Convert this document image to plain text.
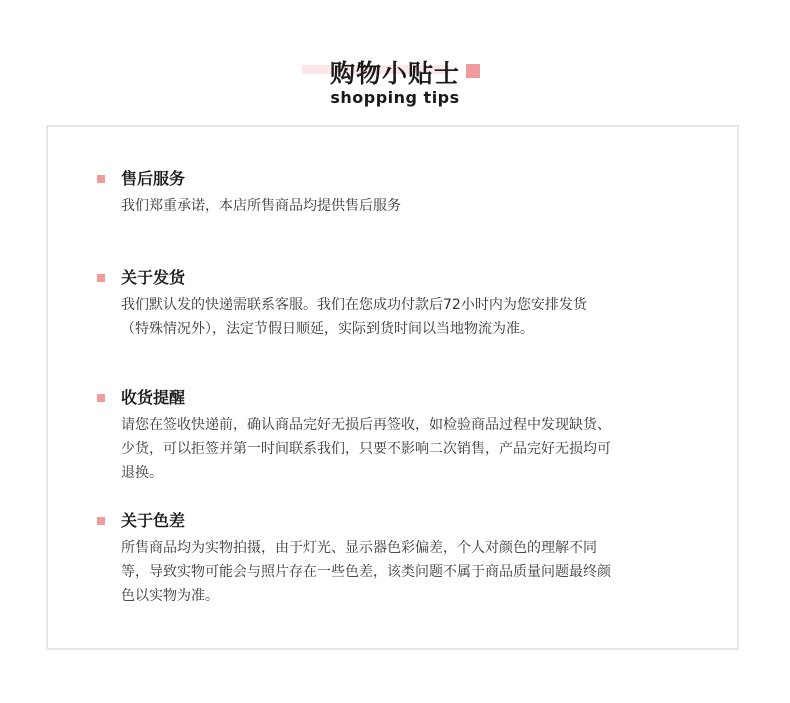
购物小贴士
shopping tips
售后服务
我们郑重承诺，本店所售商品均提供售后服务
关于发货
我们默认发的快递需联系客服。我们在您成功付款后72小时内为您安排发货
（特殊情况外），法定节假日顺延，实际到货时间以当地物流为准。
收货提醒
请您在签收快递前，确认商品完好无损后再签收，如检验商品过程中发现缺货、
少货，可以拒签并第一时间联系我们，只要不影响二次销售，产品完好无损均可
退换。
关于色差
所售商品均为实物拍摄，由于灯光、显示器色彩偏差，个人对颜色的理解不同
等，导致实物可能会与照片存在一些色差，该类问题不属于商品质量问题最终颜
色以实物为准。
